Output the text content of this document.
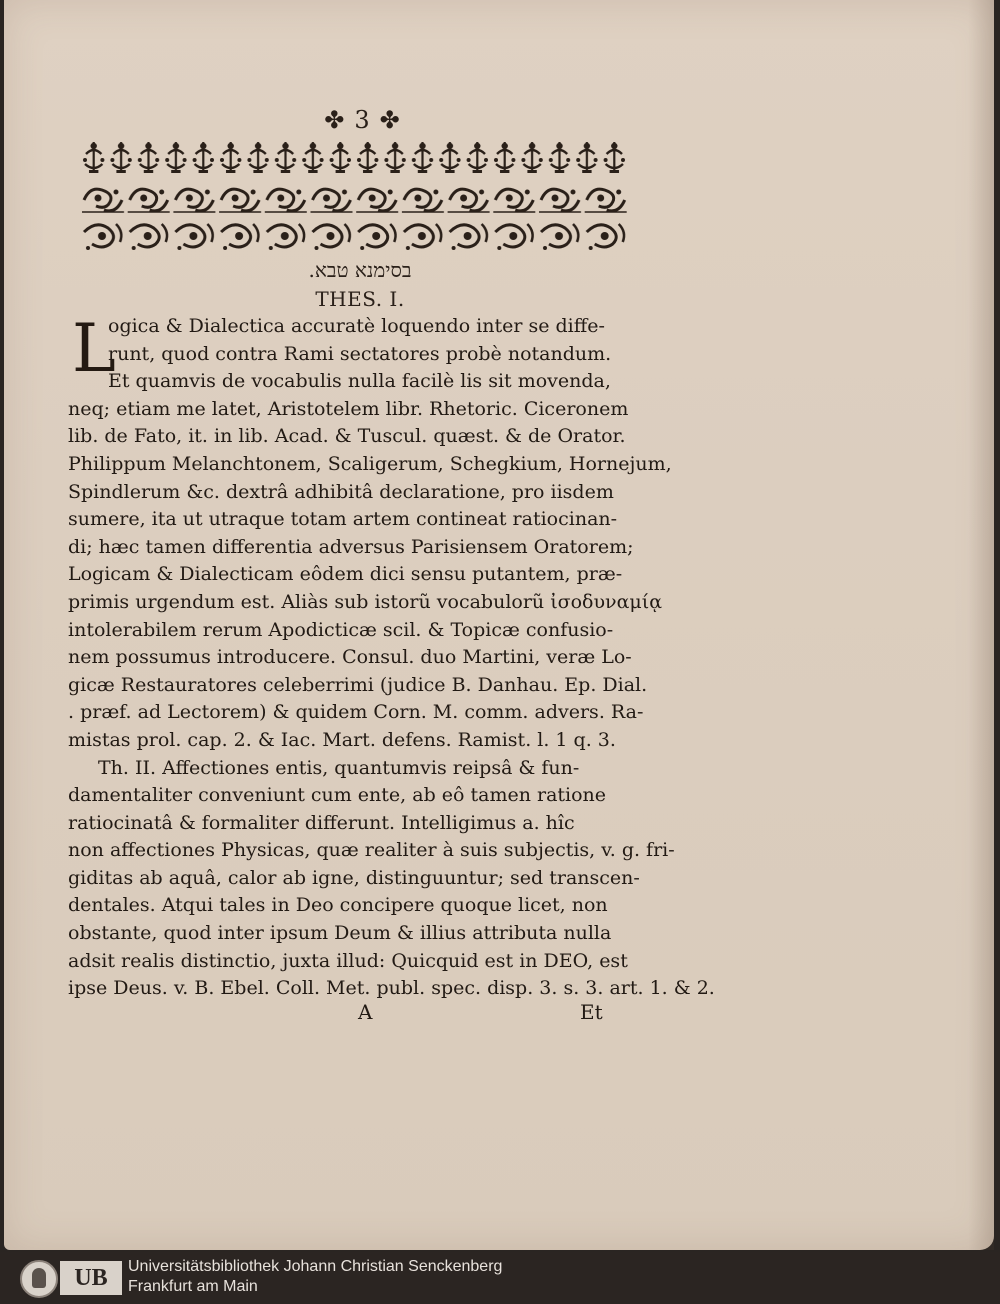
✤ 3 ✤
בסימנא טבא.
THES. I.
L
ogica & Dialectica accuratè loquendo inter se diffe-
runt, quod contra Rami sectatores probè notandum.
Et quamvis de vocabulis nulla facilè lis sit movenda,
neq; etiam me latet, Aristotelem libr. Rhetoric. Ciceronem
lib. de Fato, it. in lib. Acad. & Tuscul. quæst. & de Orator.
Philippum Melanchtonem, Scaligerum, Schegkium, Hornejum,
Spindlerum &c. dextrâ adhibitâ declaratione, pro iisdem
sumere, ita ut utraque totam artem contineat ratiocinan-
di; hæc tamen differentia adversus Parisiensem Oratorem;
Logicam & Dialecticam eôdem dici sensu putantem, præ-
primis urgendum est. Aliàs sub istorũ vocabulorũ ἰσοδυναμίᾳ
intolerabilem rerum Apodicticæ scil. & Topicæ confusio-
nem possumus introducere. Consul. duo Martini, veræ Lo-
gicæ Restauratores celeberrimi (judice B. Danhau. Ep. Dial.
. præf. ad Lectorem) & quidem Corn. M. comm. advers. Ra-
mistas prol. cap. 2. & Iac. Mart. defens. Ramist. l. 1 q. 3.
Th. II. Affectiones entis, quantumvis reipsâ & fun-
damentaliter conveniunt cum ente, ab eô tamen ratione
ratiocinatâ & formaliter differunt. Intelligimus a. hîc
non affectiones Physicas, quæ realiter à suis subjectis, v. g. fri-
giditas ab aquâ, calor ab igne, distinguuntur; sed transcen-
dentales. Atqui tales in Deo concipere quoque licet, non
obstante, quod inter ipsum Deum & illius attributa nulla
adsit realis distinctio, juxta illud: Quicquid est in DEO, est
ipse Deus. v. B. Ebel. Coll. Met. publ. spec. disp. 3. s. 3. art. 1. & 2.
A	Et
UB	Universitätsbibliothek Johann Christian Senckenberg
Frankfurt am Main
